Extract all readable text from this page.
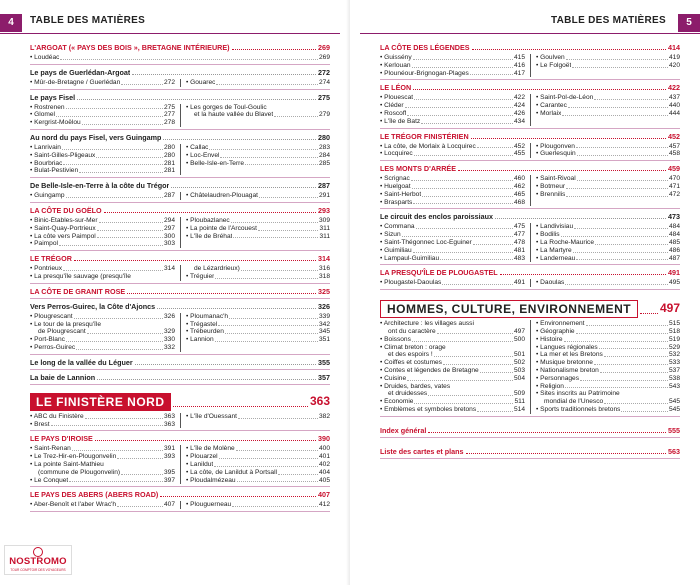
4	TABLE DES MATIÈRES
L'ARGOAT (« PAYS DES BOIS », BRETAGNE INTÉRIEURE)	269
• Loudéac	269
Le pays de Guerlédan-Argoat	272
• Mûr-de-Bretagne / Guerlédan	272 • Gouarec	274
Le pays Fisel	275
• Rostrenen	275
• Glomel	277
• Kergrist-Moëlou	278
• Les gorges de Toul-Goulic
et la haute vallée du Blavet	279
Au nord du pays Fisel, vers Guingamp	280
• Lanrivain	280
• Saint-Gilles-Pligeaux	280
• Bourbriac	281
• Bulat-Pestivien	281
• Callac	283
• Loc-Envel	284
• Belle-Isle-en-Terre	285
De Belle-Isle-en-Terre à la côte du Trégor	287
• Guingamp	287 • Châtelaudren-Plouagat	291
LA CÔTE DU GOËLO	293
• Binic-Étables-sur-Mer	294
• Saint-Quay-Portrieux	297
• La côte vers Paimpol	300
• Paimpol	303
• Ploubazlanec	309
• La pointe de l'Arcouest	311
• L'île de Bréhat	311
LE TRÉGOR	314
• Pontrieux	314
• La presqu'île sauvage (presqu'île
de Lézardrieux)	316
• Tréguier	318
LA CÔTE DE GRANIT ROSE	325
Vers Perros-Guirec, la Côte d'Ajoncs	326
• Plougrescant	326
• Le tour de la presqu'île
de Plougrescant	329
• Port-Blanc	330
• Perros-Guirec	332
• Ploumanac'h	339
• Trégastel	342
• Trébeurden	345
• Lannion	351
Le long de la vallée du Léguer	355
La baie de Lannion	357
LE FINISTÈRE NORD	363
• ABC du Finistère	363
• Brest	363
• L'île d'Ouessant	382
LE PAYS D'IROISE	390
• Saint-Renan	391
• Le Trez-Hir-en-Plougonvelin	393
• La pointe Saint-Mathieu
(commune de Plougonvelin)	395
• Le Conquet	397
• L'île de Molène	400
• Plouarzel	401
• Lanildut	402
• La côte, de Lanildut à Portsall	404
• Ploudalmézeau	405
LE PAYS DES ABERS (ABERS ROAD)	407
• Aber-Benoît et l'aber Wrac'h	407 • Plouguerneau	412
NOSTROMO
TOUR COMPTOIR DES VOYAGEURS
5
TABLE DES MATIÈRES
LA CÔTE DES LÉGENDES	414
• Guissény	415
• Kerlouan	416
• Plounéour-Brignogan-Plages	417
• Goulven	419
• Le Folgoët	420
LE LÉON	422
• Plouescat	422
• Cléder	424
• Roscoff	426
• L'île de Batz	434
• Saint-Pol-de-Léon	437
• Carantec	440
• Morlaix	444
LE TRÉGOR FINISTÉRIEN	452
• La côte, de Morlaix à Locquirec	452
• Locquirec	455
• Plougonven	457
• Guerlesquin	458
LES MONTS D'ARRÉE	459
• Scrignac	460
• Huelgoat	462
• Saint-Herbot	465
• Brasparts	468
• Saint-Rivoal	470
• Botmeur	471
• Brennilis	472
Le circuit des enclos paroissiaux	473
• Commana	475
• Sizun	477
• Saint-Thégonnec Loc-Eguiner	478
• Guimiliau	481
• Lampaul-Guimiliau	483
• Landivisiau	484
• Bodilis	484
• La Roche-Maurice	485
• La Martyre	486
• Landerneau	487
LA PRESQU'ÎLE DE PLOUGASTEL	491
• Plougastel-Daoulas	491 • Daoulas	495
HOMMES, CULTURE, ENVIRONNEMENT	497
• Architecture : les villages aussi
ont du caractère	497
• Boissons	500
• Climat breton : orage
et des espoirs !	501
• Coiffes et costumes	502
• Contes et légendes de Bretagne	503
• Cuisine	504
• Druides, bardes, vates
et druidesses	509
• Économie	511
• Emblèmes et symboles bretons	514
• Environnement	515
• Géographie	518
• Histoire	519
• Langues régionales	529
• La mer et les Bretons	532
• Musique bretonne	533
• Nationalisme breton	537
• Personnages	538
• Religion	543
• Sites inscrits au Patrimoine
mondial de l'Unesco	545
• Sports traditionnels bretons	545
Index général	555
Liste des cartes et plans	563
